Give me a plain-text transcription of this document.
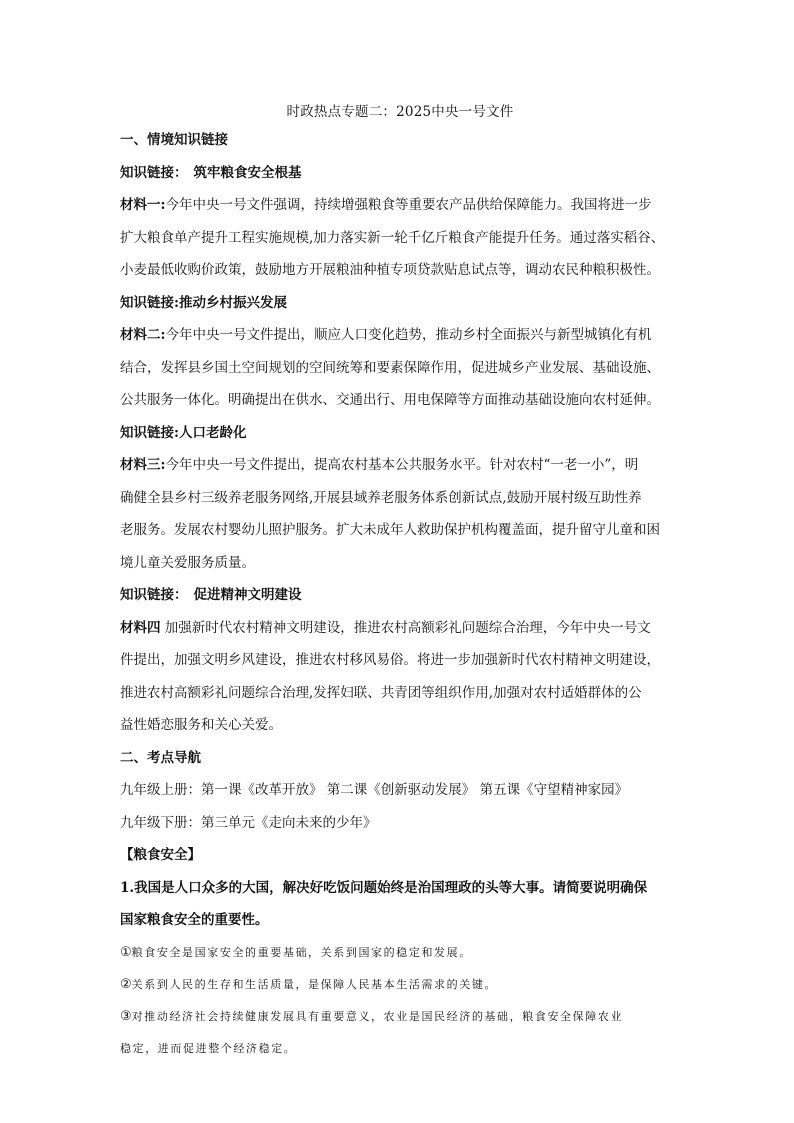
时政热点专题二：2025中央一号文件

一、情境知识链接

知识链接： 筑牢粮食安全根基

材料一:今年中央一号文件强调，持续增强粮食等重要农产品供给保障能力。我国将进一步

扩大粮食单产提升工程实施规模,加力落实新一轮千亿斤粮食产能提升任务。通过落实稻谷、

小麦最低收购价政策，鼓励地方开展粮油种植专项贷款贴息试点等，调动农民种粮积极性。

知识链接:推动乡村振兴发展

材料二:今年中央一号文件提出，顺应人口变化趋势，推动乡村全面振兴与新型城镇化有机

结合，发挥县乡国土空间规划的空间统筹和要素保障作用，促进城乡产业发展、基础设施、

公共服务一体化。明确提出在供水、交通出行、用电保障等方面推动基础设施向农村延伸。

知识链接:人口老龄化

材料三:今年中央一号文件提出，提高农村基本公共服务水平。针对农村“一老一小”，明

确健全县乡村三级养老服务网络,开展县域养老服务体系创新试点,鼓励开展村级互助性养

老服务。发展农村婴幼儿照护服务。扩大未成年人救助保护机构覆盖面，提升留守儿童和困

境儿童关爱服务质量。

知识链接： 促进精神文明建设

材料四 加强新时代农村精神文明建设，推进农村高额彩礼问题综合治理，今年中央一号文

件提出，加强文明乡风建设，推进农村移风易俗。将进一步加强新时代农村精神文明建设，

推进农村高额彩礼问题综合治理,发挥妇联、共青团等组织作用,加强对农村适婚群体的公

益性婚恋服务和关心关爱。

二、考点导航

九年级上册：第一课《改革开放》 第二课《创新驱动发展》 第五课《守望精神家园》

九年级下册：第三单元《走向未来的少年》

【粮食安全】

1.我国是人口众多的大国，解决好吃饭问题始终是治国理政的头等大事。请简要说明确保

国家粮食安全的重要性。

①粮食安全是国家安全的重要基础，关系到国家的稳定和发展。

②关系到人民的生存和生活质量，是保障人民基本生活需求的关键。

③对推动经济社会持续健康发展具有重要意义，农业是国民经济的基础，粮食安全保障农业

稳定，进而促进整个经济稳定。
